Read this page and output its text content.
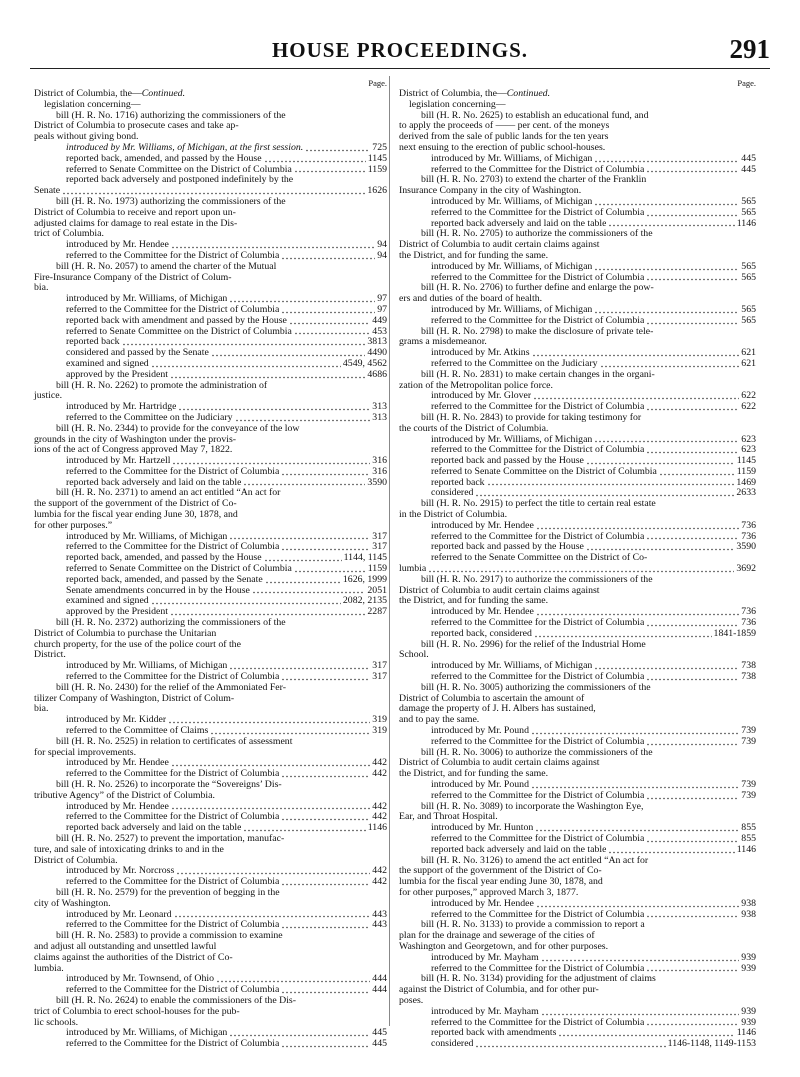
HOUSE PROCEEDINGS.	291
Page.
District of Columbia, the—Continued.
legislation concerning—
bill (H. R. No. 1716) authorizing the commissioners of the
District of Columbia to prosecute cases and take ap-
peals without giving bond.
introduced by Mr. Williams, of Michigan, at the first session.	725
reported back, amended, and passed by the House	1145
referred to Senate Committee on the District of Columbia	1159
reported back adversely and postponed indefinitely by the
Senate	1626
bill (H. R. No. 1973) authorizing the commissioners of the
District of Columbia to receive and report upon un-
adjusted claims for damage to real estate in the Dis-
trict of Columbia.
introduced by Mr. Hendee	94
referred to the Committee for the District of Columbia	94
bill (H. R. No. 2057) to amend the charter of the Mutual
Fire-Insurance Company of the District of Colum-
bia.
introduced by Mr. Williams, of Michigan	97
referred to the Committee for the District of Columbia	97
reported back with amendment and passed by the House	449
referred to Senate Committee on the District of Columbia	453
reported back	3813
considered and passed by the Senate	4490
examined and signed	4549, 4562
approved by the President	4686
bill (H. R. No. 2262) to promote the administration of
justice.
introduced by Mr. Hartridge	313
referred to the Committee on the Judiciary	313
bill (H. R. No. 2344) to provide for the conveyance of the low
grounds in the city of Washington under the provis-
ions of the act of Congress approved May 7, 1822.
introduced by Mr. Hartzell	316
referred to the Committee for the District of Columbia	316
reported back adversely and laid on the table	3590
bill (H. R. No. 2371) to amend an act entitled “An act for
the support of the government of the District of Co-
lumbia for the fiscal year ending June 30, 1878, and
for other purposes.”
introduced by Mr. Williams, of Michigan	317
referred to the Committee for the District of Columbia	317
reported back, amended, and passed by the House	1144, 1145
referred to Senate Committee on the District of Columbia	1159
reported back, amended, and passed by the Senate	1626, 1999
Senate amendments concurred in by the House	2051
examined and signed	2082, 2135
approved by the President	2287
bill (H. R. No. 2372) authorizing the commissioners of the
District of Columbia to purchase the Unitarian
church property, for the use of the police court of the
District.
introduced by Mr. Williams, of Michigan	317
referred to the Committee for the District of Columbia	317
bill (H. R. No. 2430) for the relief of the Ammoniated Fer-
tilizer Company of Washington, District of Colum-
bia.
introduced by Mr. Kidder	319
referred to the Committee of Claims	319
bill (H. R. No. 2525) in relation to certificates of assessment
for special improvements.
introduced by Mr. Hendee	442
referred to the Committee for the District of Columbia	442
bill (H. R. No. 2526) to incorporate the “Sovereigns’ Dis-
tributive Agency” of the District of Columbia.
introduced by Mr. Hendee	442
referred to the Committee for the District of Columbia	442
reported back adversely and laid on the table	1146
bill (H. R. No. 2527) to prevent the importation, manufac-
ture, and sale of intoxicating drinks to and in the
District of Columbia.
introduced by Mr. Norcross	442
referred to the Committee for the District of Columbia	442
bill (H. R. No. 2579) for the prevention of begging in the
city of Washington.
introduced by Mr. Leonard	443
referred to the Committee for the District of Columbia	443
bill (H. R. No. 2583) to provide a commission to examine
and adjust all outstanding and unsettled lawful
claims against the authorities of the District of Co-
lumbia.
introduced by Mr. Townsend, of Ohio	444
referred to the Committee for the District of Columbia	444
bill (H. R. No. 2624) to enable the commissioners of the Dis-
trict of Columbia to erect school-houses for the pub-
lic schools.
introduced by Mr. Williams, of Michigan	445
referred to the Committee for the District of Columbia	445
Page.
District of Columbia, the—Continued.
legislation concerning—
bill (H. R. No. 2625) to establish an educational fund, and
to apply the proceeds of —— per cent. of the moneys
derived from the sale of public lands for the ten years
next ensuing to the erection of public school-houses.
introduced by Mr. Williams, of Michigan	445
referred to the Committee for the District of Columbia	445
bill (H. R. No. 2703) to extend the charter of the Franklin
Insurance Company in the city of Washington.
introduced by Mr. Williams, of Michigan	565
referred to the Committee for the District of Columbia	565
reported back adversely and laid on the table	1146
bill (H. R. No. 2705) to authorize the commissioners of the
District of Columbia to audit certain claims against
the District, and for funding the same.
introduced by Mr. Williams, of Michigan	565
referred to the Committee for the District of Columbia	565
bill (H. R. No. 2706) to further define and enlarge the pow-
ers and duties of the board of health.
introduced by Mr. Williams, of Michigan	565
referred to the Committee for the District of Columbia	565
bill (H. R. No. 2798) to make the disclosure of private tele-
grams a misdemeanor.
introduced by Mr. Atkins	621
referred to the Committee on the Judiciary	621
bill (H. R. No. 2831) to make certain changes in the organi-
zation of the Metropolitan police force.
introduced by Mr. Glover	622
referred to the Committee for the District of Columbia	622
bill (H. R. No. 2843) to provide for taking testimony for
the courts of the District of Columbia.
introduced by Mr. Williams, of Michigan	623
referred to the Committee for the District of Columbia	623
reported back and passed by the House	1145
referred to Senate Committee on the District of Columbia	1159
reported back	1469
considered	2633
bill (H. R. No. 2915) to perfect the title to certain real estate
in the District of Columbia.
introduced by Mr. Hendee	736
referred to the Committee for the District of Columbia	736
reported back and passed by the House	3590
referred to the Senate Committee on the District of Co-
lumbia	3692
bill (H. R. No. 2917) to authorize the commissioners of the
District of Columbia to audit certain claims against
the District, and for funding the same.
introduced by Mr. Hendee	736
referred to the Committee for the District of Columbia	736
reported back, considered	1841-1859
bill (H. R. No. 2996) for the relief of the Industrial Home
School.
introduced by Mr. Williams, of Michigan	738
referred to the Committee for the District of Columbia	738
bill (H. R. No. 3005) authorizing the commissioners of the
District of Columbia to ascertain the amount of
damage the property of J. H. Albers has sustained,
and to pay the same.
introduced by Mr. Pound	739
referred to the Committee for the District of Columbia	739
bill (H. R. No. 3006) to authorize the commissioners of the
District of Columbia to audit certain claims against
the District, and for funding the same.
introduced by Mr. Pound	739
referred to the Committee for the District of Columbia	739
bill (H. R. No. 3089) to incorporate the Washington Eye,
Ear, and Throat Hospital.
introduced by Mr. Hunton	855
referred to the Committee for the District of Columbia	855
reported back adversely and laid on the table	1146
bill (H. R. No. 3126) to amend the act entitled “An act for
the support of the government of the District of Co-
lumbia for the fiscal year ending June 30, 1878, and
for other purposes,” approved March 3, 1877.
introduced by Mr. Hendee	938
referred to the Committee for the District of Columbia	938
bill (H. R. No. 3133) to provide a commission to report a
plan for the drainage and sewerage of the cities of
Washington and Georgetown, and for other purposes.
introduced by Mr. Mayham	939
referred to the Committee for the District of Columbia	939
bill (H. R. No. 3134) providing for the adjustment of claims
against the District of Columbia, and for other pur-
poses.
introduced by Mr. Mayham	939
referred to the Committee for the District of Columbia	939
reported back with amendments	1146
considered	1146-1148, 1149-1153
